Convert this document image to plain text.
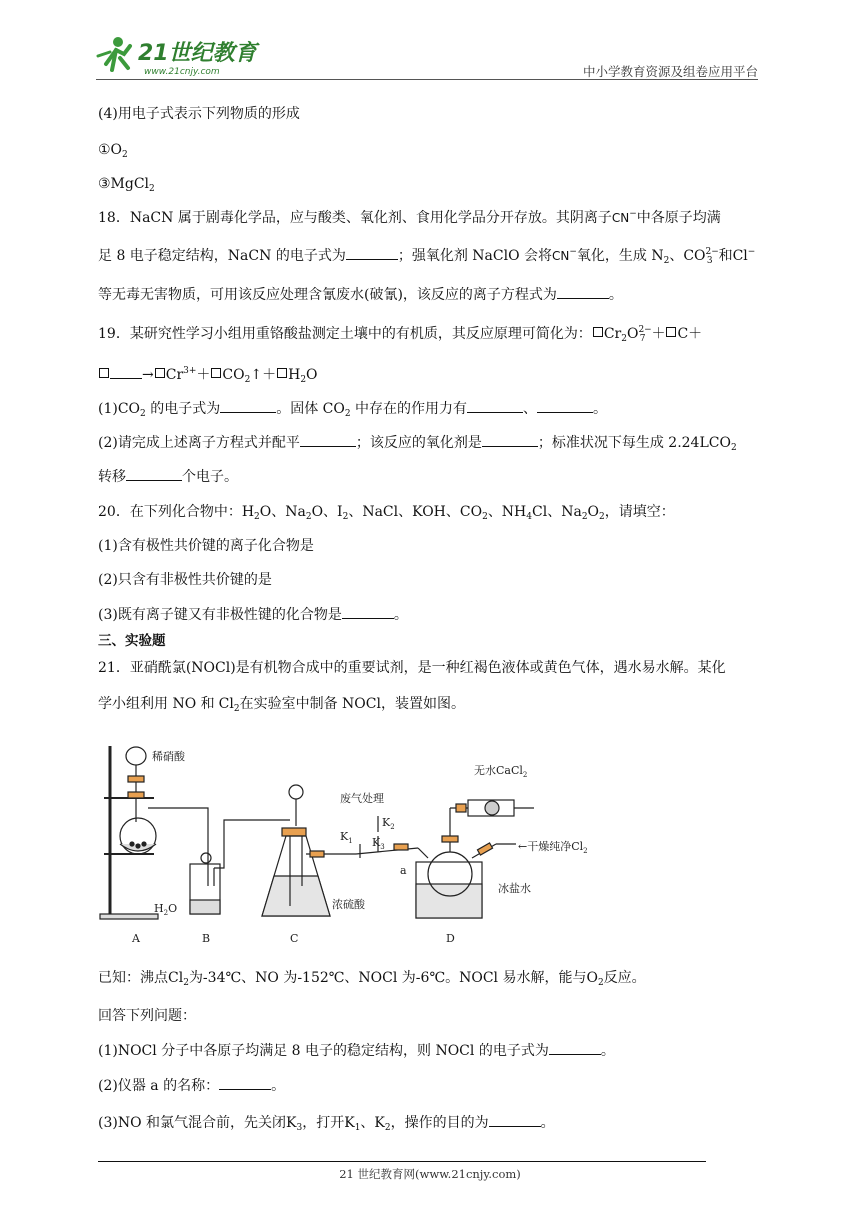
21世纪教育
www.21cnjy.com	中小学教育资源及组卷应用平台
(4)用电子式表示下列物质的形成
$①O_2$
③MgCl$_2$
18．NaCN 属于剧毒化学品，应与酸类、氧化剂、食用化学品分开存放。其阴离子CN−中各原子均满
足 8 电子稳定结构，NaCN 的电子式为	；强氧化剂 NaClO 会将CN−氧化，生成 $N_2$、$CO^{2-}_3$ 和Cl−
等无毒无害物质，可用该反应处理含氰废水(破氰)，该反应的离子方程式为	。
19．某研究性学习小组用重铬酸盐测定土壤中的有机质，其反应原理可简化为： $Cr_2O^{2-}_7 + C+$
→ $Cr^{3+}+$ $CO_2↑+ H_2O$
$(1)CO_2$ 的电子式为	。固体 $CO_2$ 中存在的作用力有	、	。
(2)请完成上述离子方程式并配平	；该反应的氧化剂是	；标准状况下每生成 $2.24LCO_2$
转移	个电子。
20．在下列化合物中：$H_2O$、$Na_2O$、$I_2$、NaCl、KOH、$CO_2$、$NH_4Cl$、$Na_2O_2$，请填空：
(1)含有极性共价键的离子化合物是
(2)只含有非极性共价键的是
(3)既有离子键又有非极性键的化合物是	。
三、实验题
21．亚硝酰氯(NOCl)是有机物合成中的重要试剂，是一种红褐色液体或黄色气体，遇水易水解。某化
学小组利用 NO 和 $Cl_2$在实验室中制备 NOCl，装置如图。
稀硝酸
废气处理
无水CaCl$_2$
←干燥纯净$Cl_2$
$K_1$
$K_2$
$K_3$
$H_2O$	浓硫酸
冰盐水
a
A	B	C	D
已知：沸点$Cl_2$为-34℃、NO 为-152℃、NOCl 为-6℃。NOCl 易水解，能与$O_2$反应。
回答下列问题：
(1)NOCl 分子中各原子均满足 8 电子的稳定结构，则 NOCl 的电子式为	。
(2)仪器 a 的名称：	。
(3)NO 和氯气混合前，先关闭$K_3$，打开$K_1$、$K_2$，操作的目的为	。
21 世纪教育网(www.21cnjy.com)
